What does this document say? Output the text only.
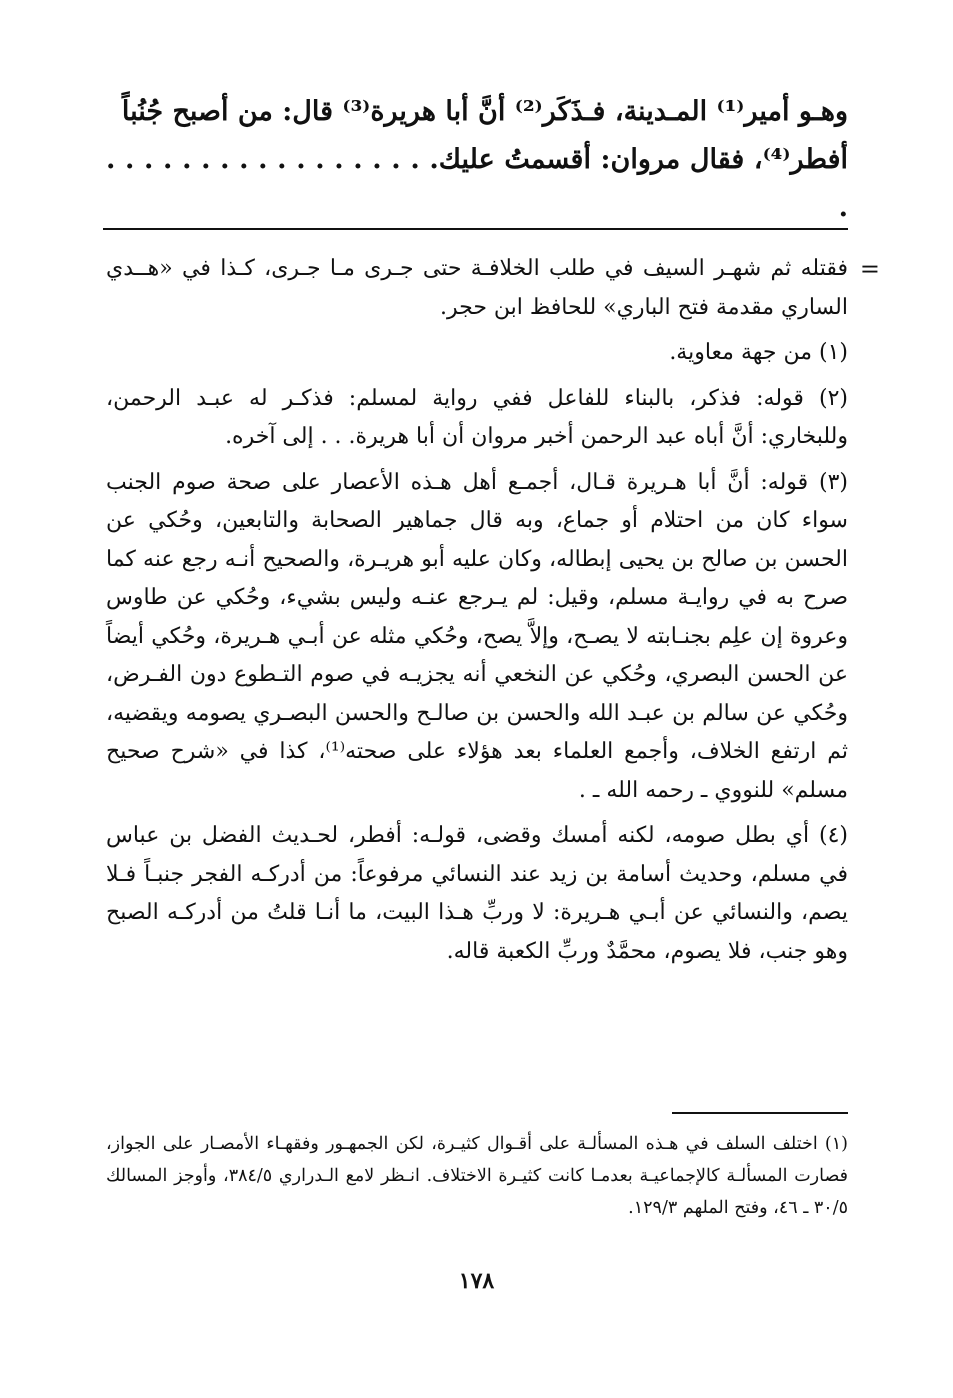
وهـو أمير⁽¹⁾ المـدينة، فـذَكَر⁽²⁾ أنَّ أبا هريرة⁽³⁾ قال: من أصبح جُنُباً

أفطر⁽⁴⁾، فقال مروان: أقسمتُ عليك. . . . . . . . . . . . . . . . . . .

=

فقتله ثم شهـر السيف في طلب الخلافـة حتى جـرى مـا جـرى، كـذا في «هــدي الساري مقدمة فتح الباري» للحافظ ابن حجر.

(١) من جهة معاوية.

(٢) قوله: فذكر، بالبناء للفاعل ففي رواية لمسلم: فذكـر له عبـد الرحمن، وللبخاري: أنَّ أباه عبد الرحمن أخبر مروان أن أبا هريرة. . . إلى آخره.

(٣) قوله: أنَّ أبا هـريرة قـال، أجمـع أهل هـذه الأعصار على صحة صوم الجنب سواء كان من احتلام أو جماع، وبه قال جماهير الصحابة والتابعين، وحُكي عن الحسن بن صالح بن يحيى إبطاله، وكان عليه أبو هريـرة، والصحيح أنـه رجع عنه كما صرح به في روايـة مسلم، وقيل: لم يـرجع عنـه وليس بشيء، وحُكي عن طاوس وعروة إن علِم بجنـابته لا يصـح، وإلاَّ يصح، وحُكي مثله عن أبـي هـريرة، وحُكي أيضاً عن الحسن البصري، وحُكي عن النخعي أنه يجزيـه في صوم التـطوع دون الفـرض، وحُكي عن سالم بن عبـد الله والحسن بن صالـح والحسن البصـري يصومه ويقضيه، ثم ارتفع الخلاف، وأجمع العلماء بعد هؤلاء على صحته⁽¹⁾، كذا في «شرح صحيح مسلم» للنووي ـ رحمه الله ـ .

(٤) أي بطل صومه، لكنه أمسك وقضى، قولـه: أفطر، لحـديث الفضل بن عباس في مسلم، وحديث أسامة بن زيد عند النسائي مرفوعاً: من أدركـه الفجر جنبـاً فـلا يصم، والنسائي عن أبـي هـريرة: لا وربِّ هـذا البيت، ما أنـا قلتُ من أدركـه الصبح وهو جنب، فلا يصوم، محمَّدٌ وربِّ الكعبة قاله.

(١) اختلف السلف في هـذه المسألـة على أقـوال كثيـرة، لكن الجمهـور وفقهـاء الأمصـار على الجواز، فصارت المسألـة كالإجماعيـة بعدمـا كانت كثيـرة الاختلاف. انـظر لامع الـدراري ٣٨٤/٥، وأوجز المسالك ٣٠/٥ ـ ٤٦، وفتح الملهم ١٢٩/٣.

١٧٨
